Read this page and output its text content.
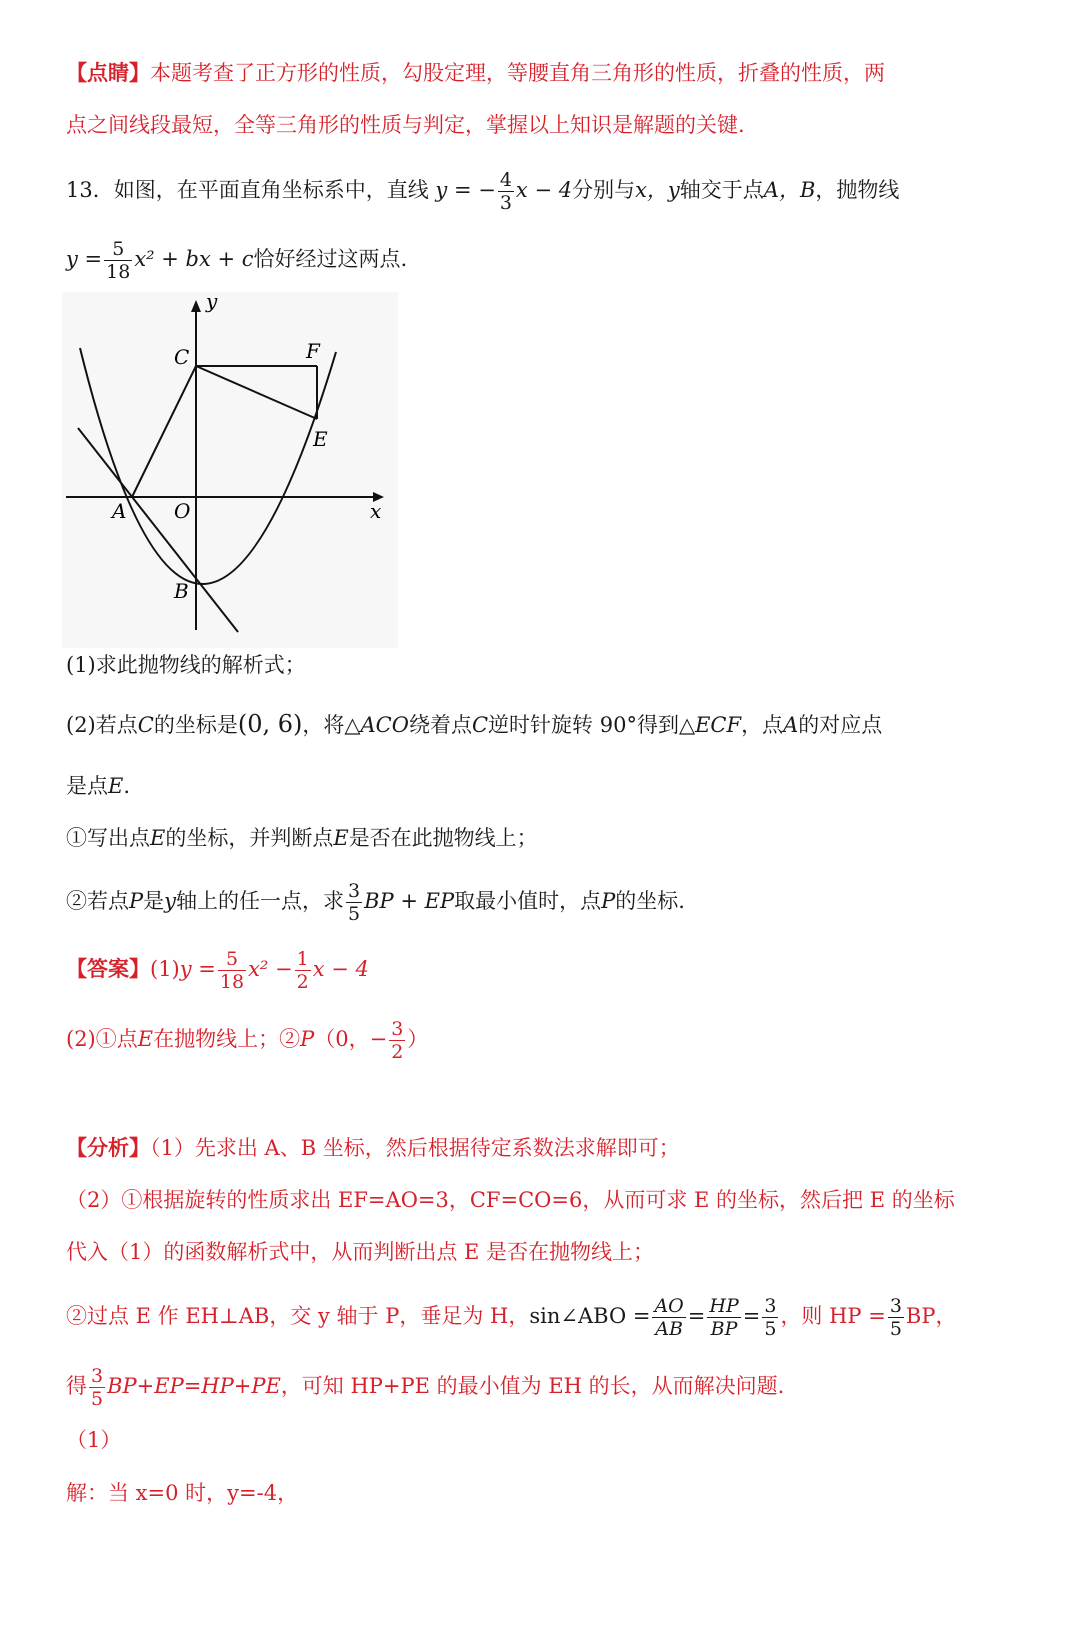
【点睛】本题考查了正方形的性质，勾股定理，等腰直角三角形的性质，折叠的性质，两
点之间线段最短，全等三角形的性质与判定，掌握以上知识是解题的关键.
13．如图，在平面直角坐标系中，直线 y = − $\frac{4}{3}$ x − 4分别与x，y轴交于点A，B，抛物线
$y = \frac{5}{18} x^2$ + bx + c恰好经过这两点.
y
x
C	F
E
A O
B
(1)求此抛物线的解析式；
(2)若点C的坐标是(0, 6)，将△ACO绕着点C逆时针旋转 90°得到△ECF，点A的对应点
是点E.
①写出点E的坐标，并判断点E是否在此抛物线上；
②若点P是y轴上的任一点，求 $\frac{3}{5}$ BP + EP取最小值时，点P的坐标.
【答案】$(1)y = \frac{5}{18} x^2 - \frac{1}{2}$ x − 4
(2)①点E在抛物线上；②P（0，− $\frac{3}{2}$ ）
【分析】（1）先求出 A、B 坐标，然后根据待定系数法求解即可；
（2）①根据旋转的性质求出 EF=AO=3，CF=CO=6，从而可求 E 的坐标，然后把 E 的坐标
代入（1）的函数解析式中，从而判断出点 E 是否在抛物线上；
②过点 E 作 EH⊥AB，交 y 轴于 P，垂足为 H，sin∠ABO = $\frac{AO}{AB} = \frac{HP}{BP} = \frac{3}{5}$ ，则 HP = $\frac{3}{5}$ BP，
得 $\frac{3}{5} BP+EP=HP+PE$，可知 HP+PE 的最小值为 EH 的长，从而解决问题.
（1）
解：当 x=0 时，y=-4，
